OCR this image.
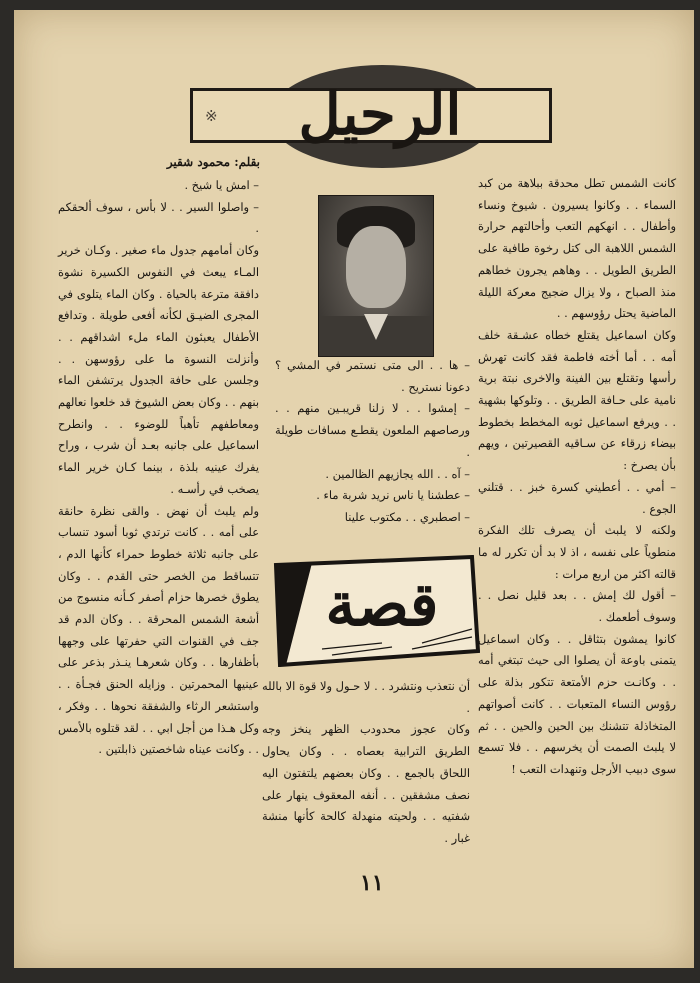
الرحيل
※
بقلم: محمود شقير

كانت الشمس تطل محدقة ببلاهة من كبد السماء . . وكانوا يسيرون . شيوخ ونساء وأطفال . . انهكهم التعب وأحالتهم حرارة الشمس اللاهبة الى كتل رخوة طافية على الطريق الطويل . . وهاهم يجرون خطاهم منذ الصباح ، ولا يزال ضجيج معركة الليلة الماضية يحتل رؤوسهم . .

وكان اسماعيل يقتلع خطاه عشـقة خلف أمه . . أما أخته فاطمة فقد كانت تهرش رأسها وتقتلع بين الفينة والاخرى نبتة برية نامية على حـافة الطريق . . وتلوكها بشهية . . ويرفع اسماعيل ثوبه المخطط بخطوط بيضاء زرقاء عن سـاقيه القصيرتين ، ويهم بأن يصرخ :

– أمي . . أعطيني كسرة خبز . . قتلني الجوع .

ولكنه لا يلبث أن يصرف تلك الفكرة منطوياً على نفسه ، اذ لا بد أن تكرر له ما قالته اكثر من اربع مرات :

– أقول لك إمش . . بعد قليل نصل . . وسوف أطعمك .

كانوا يمشون بتثاقل . . وكان اسماعيل يتمنى باوعة أن يصلوا الى حيث تبتغي أمه . . وكانـت حزم الأمتعة تتكور بذلة على رؤوس النساء المتعبات . . كانت أصواتهم المتخاذلة تتشنك بين الحين والحين . . ثم لا يلبث الصمت أن يخرسهم . . فلا تسمع سوى دبيب الأرجل وتنهدات التعب !

– ها . . الى متى نستمر في المشي ؟ دعونا نستريح .

– إمشوا . . لا زلنا قريبـين منهم . . ورصاصهم الملعون يقطـع مسافات طويلة .

– آه . . الله يجازيهم الظالمين .

– عطشنا يا ناس نريد شربة ماء .

– اصطبري . . مكتوب علينا

قصة

أن نتعذب ونتشرد . . لا حـول ولا قوة الا بالله .

وكان عجوز محدودب الظهر ينخز وجه الطريق الترابية بعصاه . . وكان يحاول اللحاق بالجمع . . وكان بعضهم يلتفتون اليه نصف مشفقين . . أنفه المعقوف ينهار على شفتيه . . ولحيته منهدلة كالحة كأنها منشة غبار .

– امش يا شيخ .

– واصلوا السير . . لا بأس ، سوف ألحقكم .

وكان أمامهم جدول ماء صغير . وكـان خرير المـاء يبعث في النفوس الكسيرة نشوة دافقة مترعة بالحياة . وكان الماء يتلوى في المجرى الضيـق لكأنه أفعى طويلة . وتدافع الأطفال يعبئون الماء ملء اشداقهم . . وأنزلت النسوة ما على رؤوسهن . . وجلسن على حافة الجدول يرتشفن الماء بنهم . . وكان بعض الشيوخ قد خلعوا نعالهم ومعاطفهم تأهباً للوضوء . . وانطرح اسماعيل على جانبه بعـد أن شرب ، وراح يفرك عينيه بلذة ، بينما كـان خرير الماء يصخب في رأسـه .

ولم يلبث أن نهض . والقى نظرة حانقة على أمه . . كانت ترتدي ثوبا أسود تنساب على جانبه ثلاثة خطوط حمراء كأنها الدم ، تتساقط من الخصر حتى القدم . . وكان يطوق خصرها حزام أصفر كـأنه منسوج من أشعة الشمس المحرقة . . وكان الدم قد جف في القنوات التي حفرتها على وجهها بأظفارها . . وكان شعرهـا ينـذر بذعر على عينيها المحمرتين . وزايله الحنق فجـأة . . واستشعر الرثاء والشفقة نحوها . . وفكر ، وكل هـذا من أجل ابي . . لقد قتلوه بالأمس . . وكانت عيناه شاخصتين ذابلتين .

١١
